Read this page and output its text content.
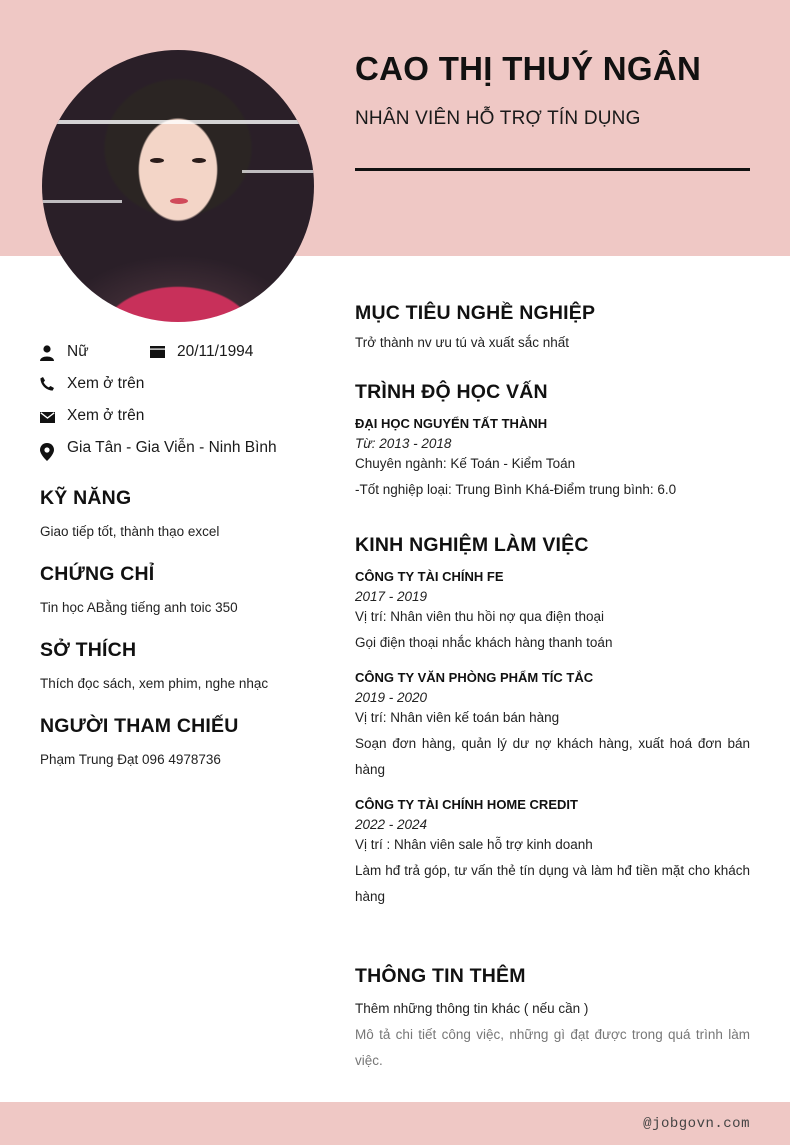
CAO THỊ THUÝ NGÂN
NHÂN VIÊN HỖ TRỢ TÍN DỤNG
Nữ	20/11/1994
Xem ở trên
Xem ở trên
Gia Tân - Gia Viễn - Ninh Bình
KỸ NĂNG
Giao tiếp tốt, thành thạo excel
CHỨNG CHỈ
Tin học ABằng tiếng anh toic 350
SỞ THÍCH
Thích đọc sách, xem phim, nghe nhạc
NGƯỜI THAM CHIẾU
Phạm Trung Đạt 096 4978736
MỤC TIÊU NGHỀ NGHIỆP
Trở thành nv ưu tú và xuất sắc nhất
TRÌNH ĐỘ HỌC VẤN
ĐẠI HỌC NGUYỂN TẤT THÀNH
Từ: 2013 - 2018
Chuyên ngành: Kế Toán - Kiểm Toán
-Tốt nghiệp loại: Trung Bình Khá-Điểm trung bình: 6.0
KINH NGHIỆM LÀM VIỆC
CÔNG TY TÀI CHÍNH FE
2017 - 2019
Vị trí: Nhân viên thu hồi nợ qua điện thoại
Gọi điện thoại nhắc khách hàng thanh toán
CÔNG TY VĂN PHÒNG PHẨM TÍC TẮC
2019 - 2020
Vị trí: Nhân viên kế toán bán hàng
Soạn đơn hàng, quản lý dư nợ khách hàng, xuất hoá đơn bán hàng
CÔNG TY TÀI CHÍNH HOME CREDIT
2022 - 2024
Vị trí : Nhân viên sale hỗ trợ kinh doanh
Làm hđ trả góp, tư vấn thẻ tín dụng và làm hđ tiền mặt cho khách hàng
THÔNG TIN THÊM
Thêm những thông tin khác ( nếu cần )
Mô tả chi tiết công việc, những gì đạt được trong quá trình làm việc.
@jobgovn.com
